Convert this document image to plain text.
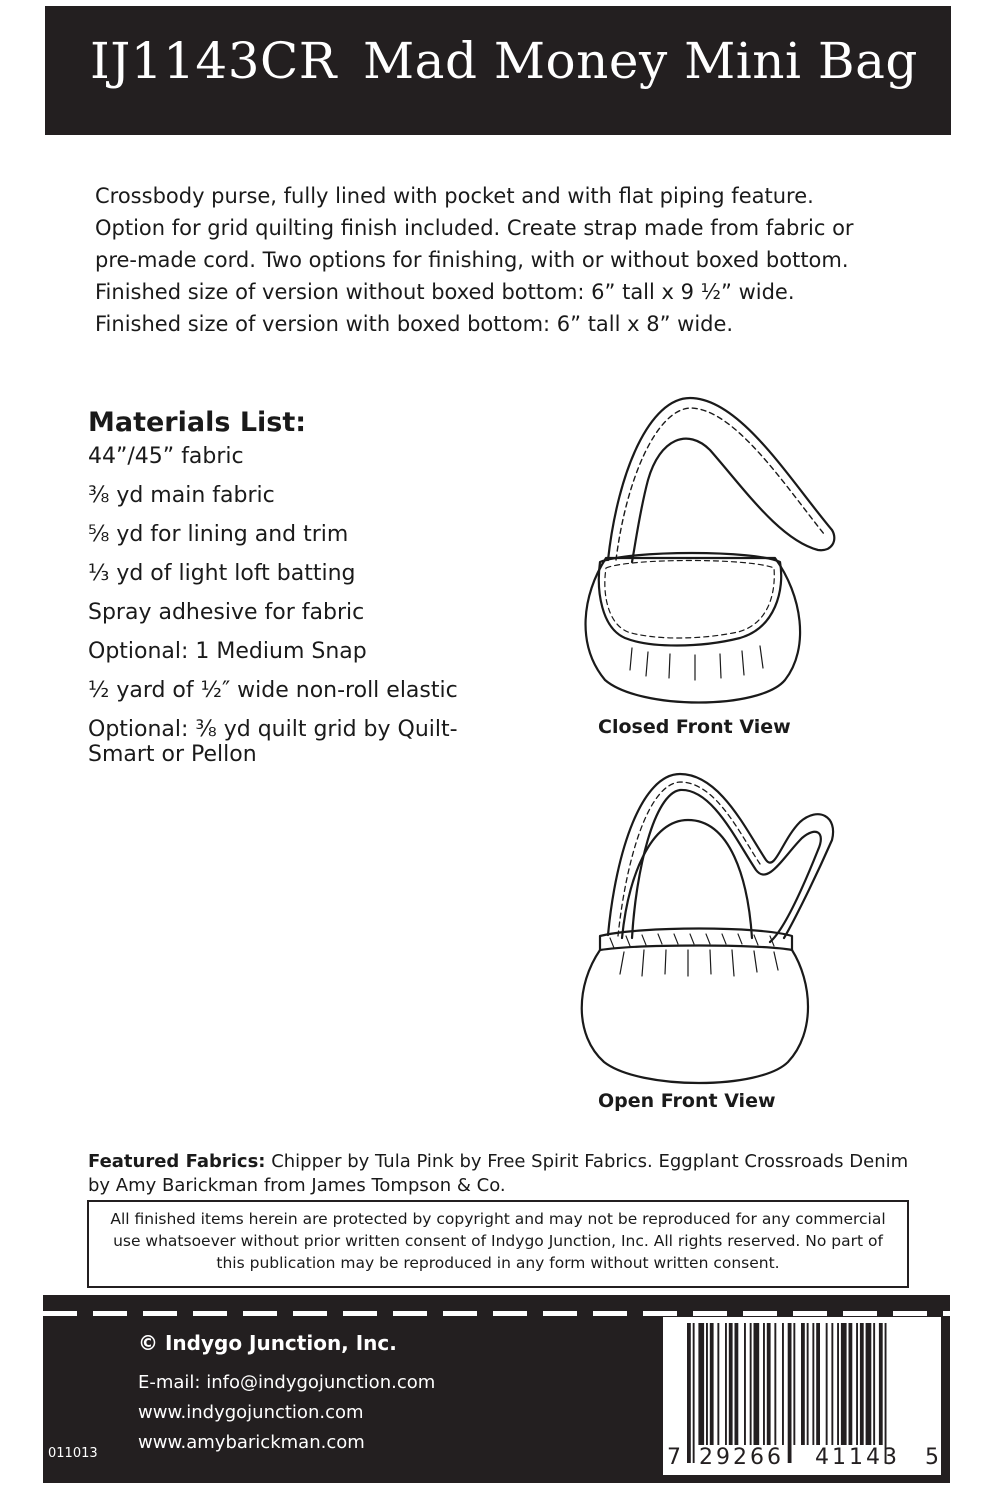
IJ1143CR Mad Money Mini Bag
Crossbody purse, fully lined with pocket and with flat piping feature.
Option for grid quilting finish included. Create strap made from fabric or
pre-made cord. Two options for finishing, with or without boxed bottom.
Finished size of version without boxed bottom: 6” tall x 9 ½” wide.
Finished size of version with boxed bottom: 6” tall x 8” wide.
Materials List:
44”/45” fabric
⅜ yd main fabric
⅝ yd for lining and trim
⅓ yd of light loft batting
Spray adhesive for fabric
Optional: 1 Medium Snap
½ yard of ½″ wide non-roll elastic
Optional: ⅜ yd quilt grid by Quilt-Smart or Pellon
Closed Front View
Open Front View
Featured Fabrics: Chipper by Tula Pink by Free Spirit Fabrics. Eggplant Crossroads Denim by Amy Barickman from James Tompson & Co.
All finished items herein are protected by copyright and may not be reproduced for any commercial use whatsoever without prior written consent of Indygo Junction, Inc. All rights reserved. No part of this publication may be reproduced in any form without written consent.
© Indygo Junction, Inc.
E-mail: info@indygojunction.com
www.indygojunction.com
www.amybarickman.com
011013	7 29266 41143 5
